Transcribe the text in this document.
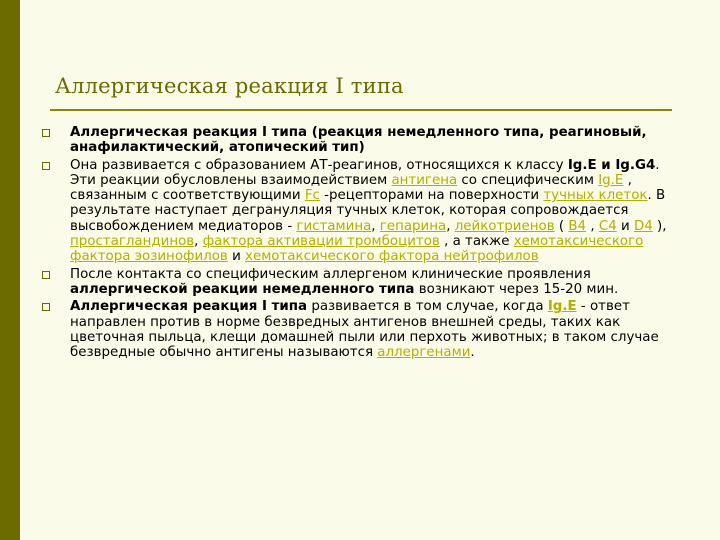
Аллергическая реакция I типа
Аллергическая реакция I типа (реакция немедленного типа, реагиновый, анафилактический, атопический тип)
Она развивается с образованием АТ-реагинов, относящихся к классу Ig.E и Ig.G4. Эти реакции обусловлены взаимодействием антигена со специфическим Ig.E , связанным с соответствующими Fc -рецепторами на поверхности тучных клеток. В результате наступает дегрануляция тучных клеток, которая сопровождается высвобождением медиаторов - гистамина, гепарина, лейкотриенов ( B4 , C4 и D4 ), простагландинов, фактора активации тромбоцитов , а также хемотаксического фактора эозинофилов и хемотаксического фактора нейтрофилов
После контакта со специфическим аллергеном клинические проявления аллергической реакции немедленного типа возникают через 15-20 мин.
Аллергическая реакция I типа развивается в том случае, когда Ig.E - ответ направлен против в норме безвредных антигенов внешней среды, таких как цветочная пыльца, клещи домашней пыли или перхоть животных; в таком случае безвредные обычно антигены называются аллергенами.
